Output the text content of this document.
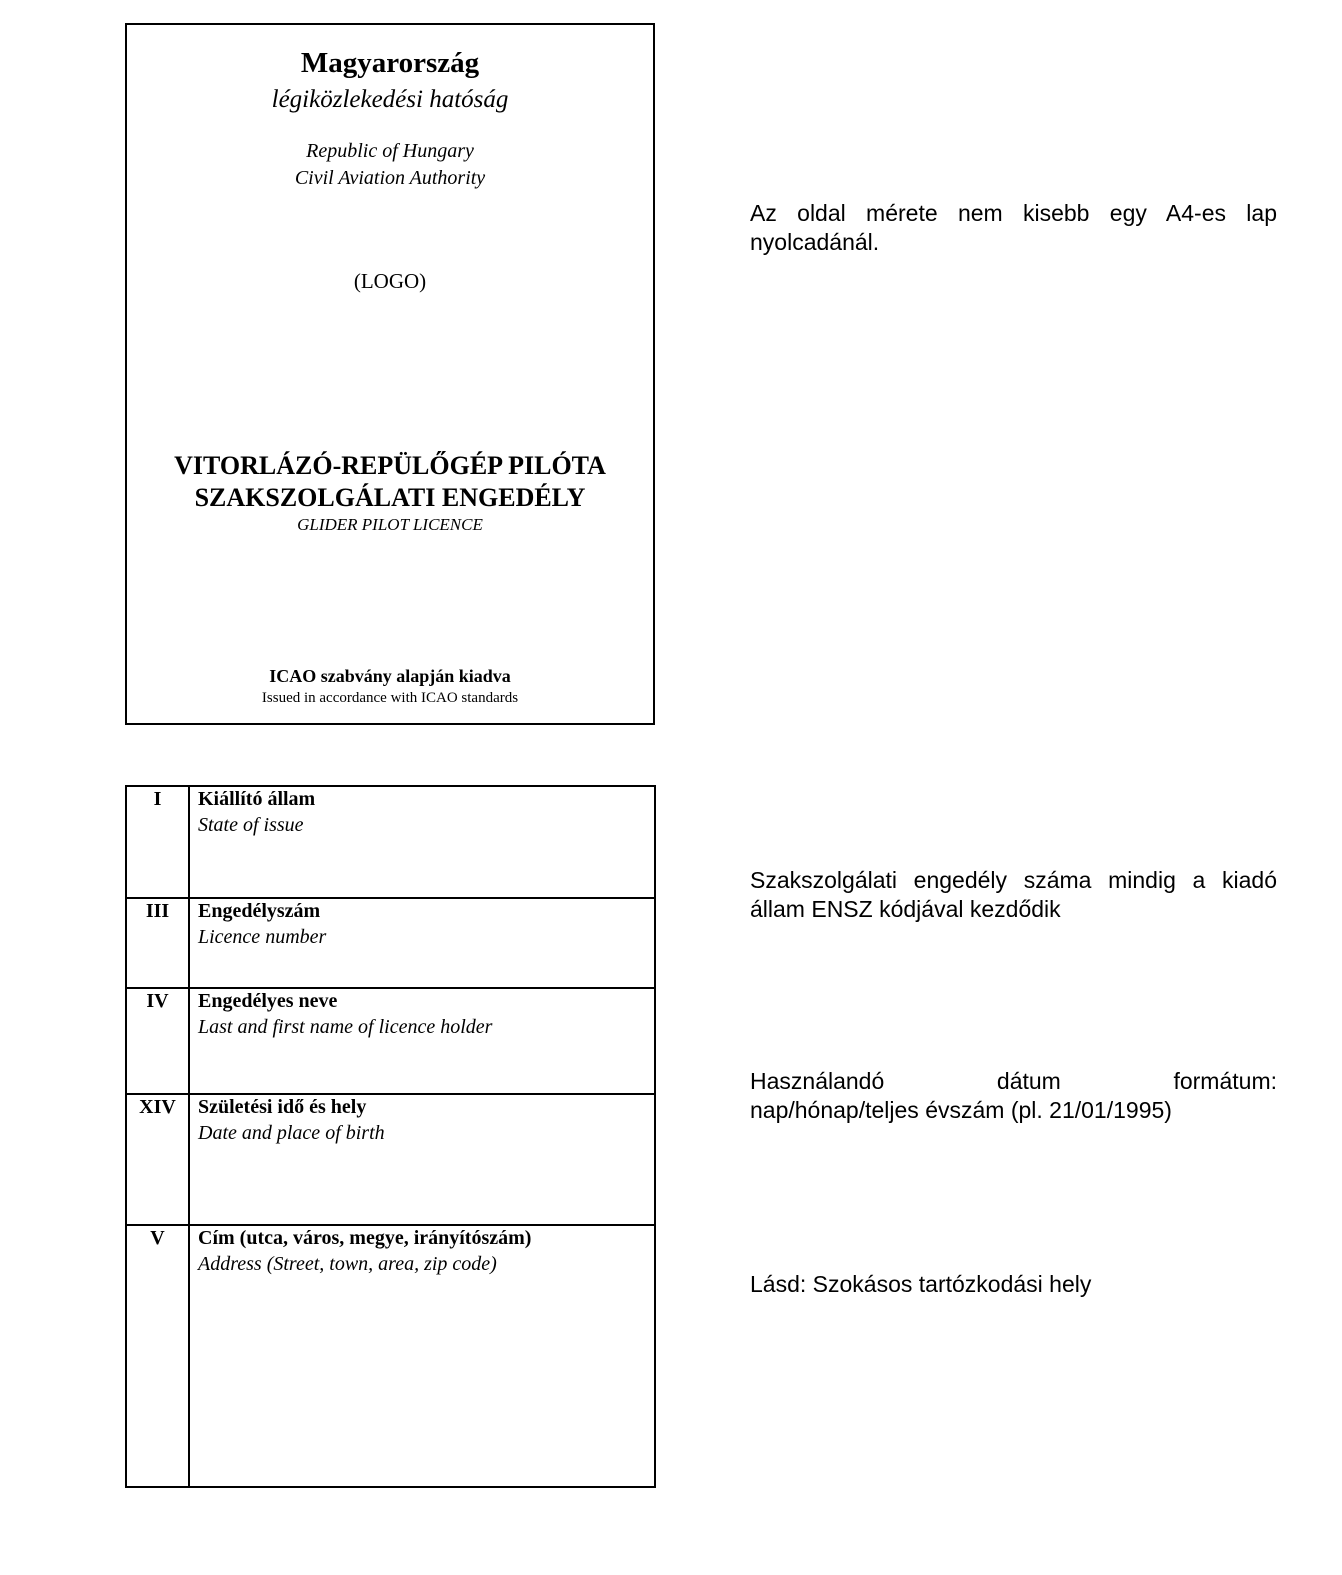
Magyarország
légiközlekedési hatóság
Republic of Hungary
Civil Aviation Authority
(LOGO)
VITORLÁZÓ-REPÜLŐGÉP PILÓTA
SZAKSZOLGÁLATI ENGEDÉLY
GLIDER PILOT LICENCE
ICAO szabvány alapján kiadva
Issued in accordance with ICAO standards
I	Kiállító állam
State of issue
III	Engedélyszám
Licence number
IV	Engedélyes neve
Last and first name of licence holder
XIV	Születési idő és hely
Date and place of birth
V	Cím (utca, város, megye, irányítószám)
Address (Street, town, area, zip code)
Az oldal mérete nem kisebb egy A4-es lap
nyolcadánál.
Szakszolgálati engedély száma mindig a kiadó
állam ENSZ kódjával kezdődik
Használandó dátum formátum:
nap/hónap/teljes évszám (pl. 21/01/1995)
Lásd: Szokásos tartózkodási hely
